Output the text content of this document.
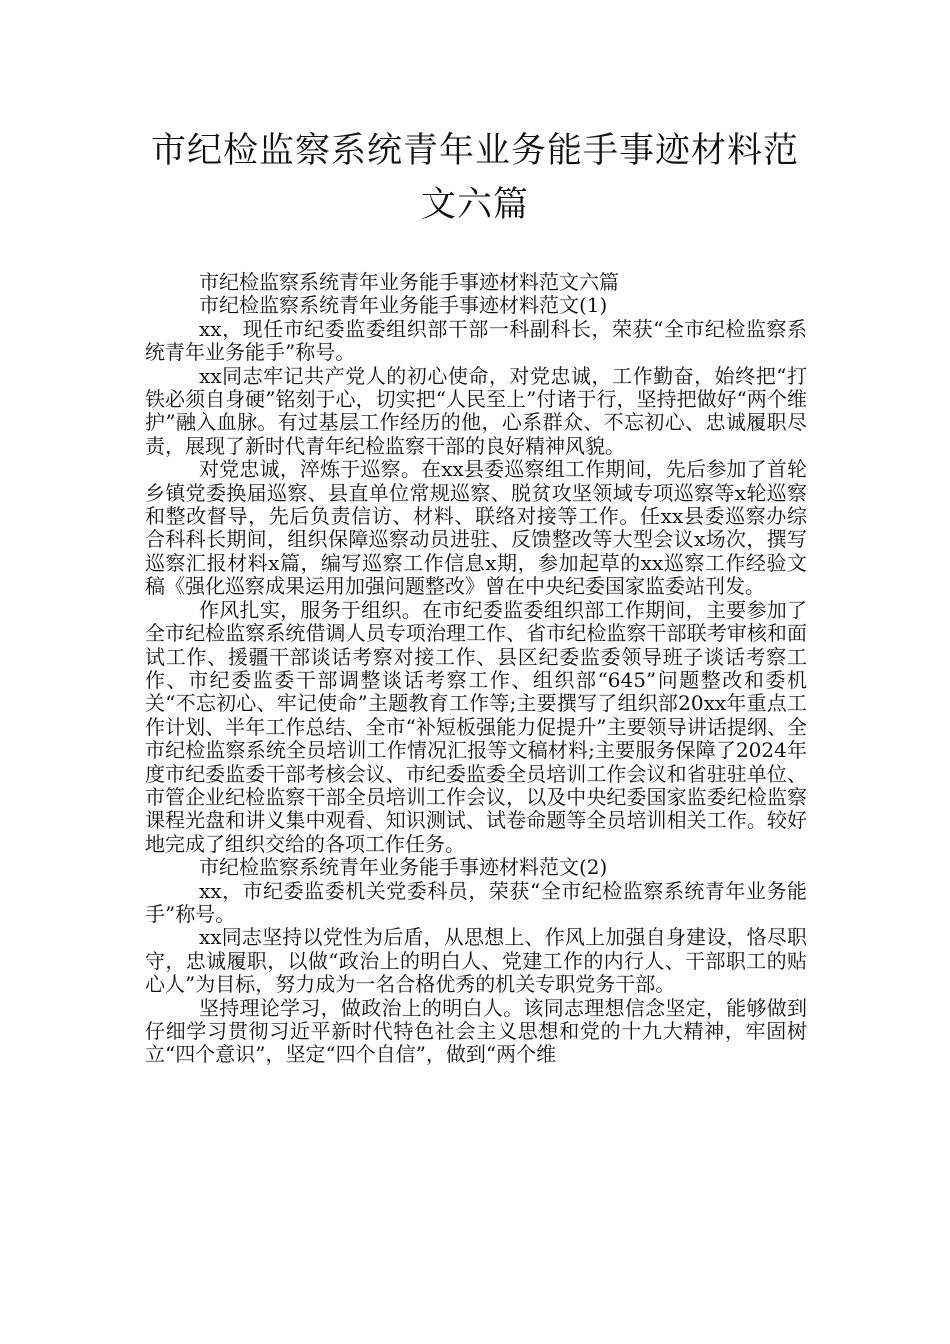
市纪检监察系统青年业务能手事迹材料范
文六篇

市纪检监察系统青年业务能手事迹材料范文六篇

市纪检监察系统青年业务能手事迹材料范文(1)

xx，现任市纪委监委组织部干部一科副科长，荣获“全市纪检监察系统青年业务能手”称号。

xx同志牢记共产党人的初心使命，对党忠诚，工作勤奋，始终把“打铁必须自身硬”铭刻于心，切实把“人民至上”付诸于行，坚持把做好“两个维护”融入血脉。有过基层工作经历的他，心系群众、不忘初心、忠诚履职尽责，展现了新时代青年纪检监察干部的良好精神风貌。

对党忠诚，淬炼于巡察。在xx县委巡察组工作期间，先后参加了首轮乡镇党委换届巡察、县直单位常规巡察、脱贫攻坚领域专项巡察等x轮巡察和整改督导，先后负责信访、材料、联络对接等工作。任xx县委巡察办综合科科长期间，组织保障巡察动员进驻、反馈整改等大型会议x场次，撰写巡察汇报材料x篇，编写巡察工作信息x期，参加起草的xx巡察工作经验文稿《强化巡察成果运用加强问题整改》曾在中央纪委国家监委站刊发。

作风扎实，服务于组织。在市纪委监委组织部工作期间，主要参加了全市纪检监察系统借调人员专项治理工作、省市纪检监察干部联考审核和面试工作、援疆干部谈话考察对接工作、县区纪委监委领导班子谈话考察工作、市纪委监委干部调整谈话考察工作、组织部“645”问题整改和委机关“不忘初心、牢记使命”主题教育工作等;主要撰写了组织部20xx年重点工作计划、半年工作总结、全市“补短板强能力促提升”主要领导讲话提纲、全市纪检监察系统全员培训工作情况汇报等文稿材料;主要服务保障了2024年度市纪委监委干部考核会议、市纪委监委全员培训工作会议和省驻驻单位、市管企业纪检监察干部全员培训工作会议，以及中央纪委国家监委纪检监察课程光盘和讲义集中观看、知识测试、试卷命题等全员培训相关工作。较好地完成了组织交给的各项工作任务。

市纪检监察系统青年业务能手事迹材料范文(2)

xx，市纪委监委机关党委科员，荣获“全市纪检监察系统青年业务能手”称号。

xx同志坚持以党性为后盾，从思想上、作风上加强自身建设，恪尽职守，忠诚履职，以做“政治上的明白人、党建工作的内行人、干部职工的贴心人”为目标，努力成为一名合格优秀的机关专职党务干部。

坚持理论学习，做政治上的明白人。该同志理想信念坚定，能够做到仔细学习贯彻习近平新时代特色社会主义思想和党的十九大精神，牢固树立“四个意识”，坚定“四个自信”，做到“两个维
